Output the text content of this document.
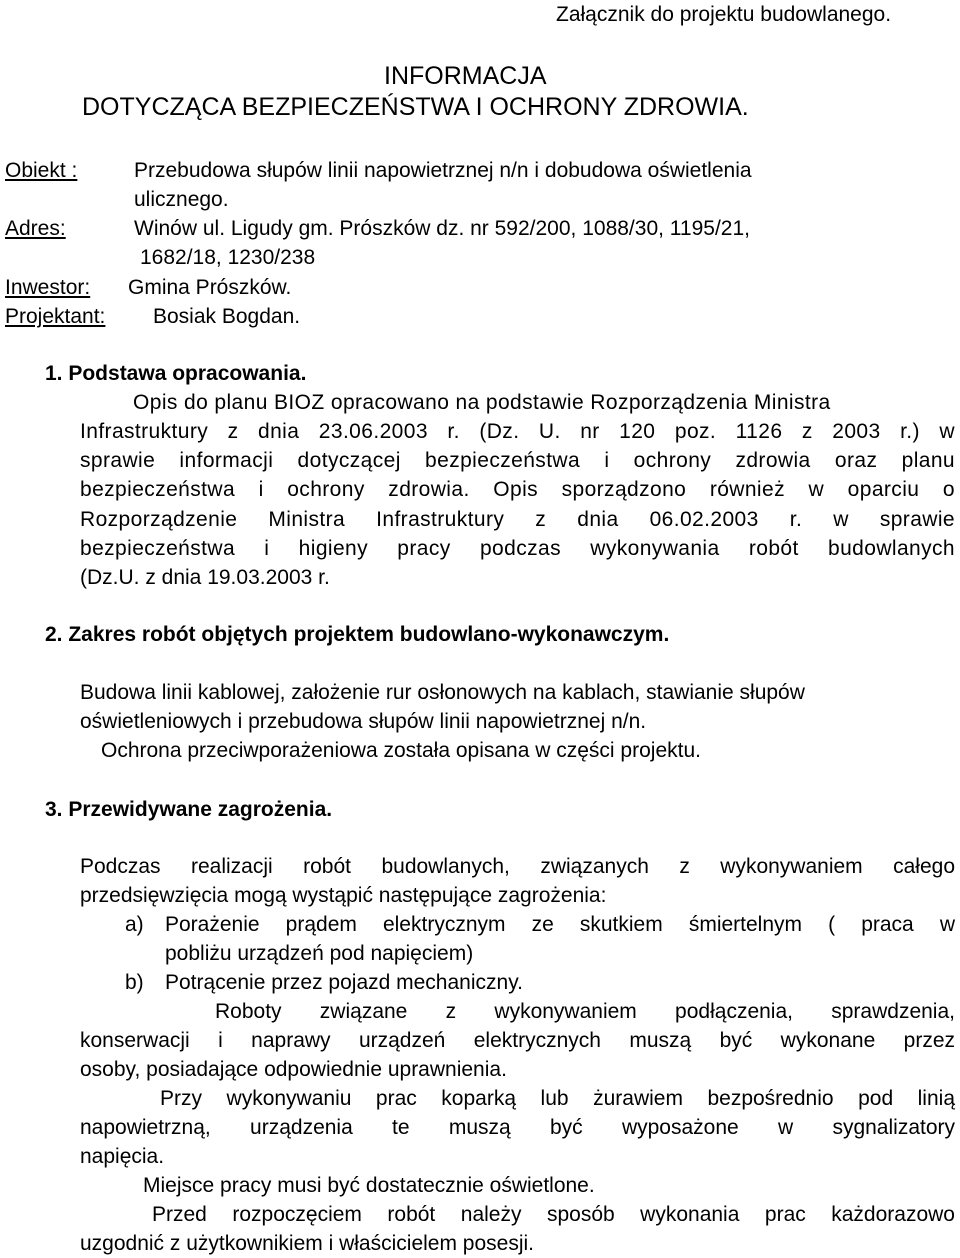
Załącznik do projektu budowlanego.
INFORMACJA
DOTYCZĄCA BEZPIECZEŃSTWA I OCHRONY ZDROWIA.
Obiekt :	Przebudowa słupów linii napowietrznej n/n i dobudowa oświetlenia
ulicznego.
Adres:	Winów ul. Ligudy gm. Prószków dz. nr 592/200, 1088/30, 1195/21,
1682/18, 1230/238
Inwestor: Gmina Prószków.
Projektant: Bosiak Bogdan.
1. Podstawa opracowania.
Opis do planu BIOZ opracowano na podstawie Rozporządzenia Ministra

Infrastruktury z dnia 23.06.2003 r. (Dz. U. nr 120 poz. 1126 z 2003 r.) w

sprawie informacji dotyczącej bezpieczeństwa i ochrony zdrowia oraz planu

bezpieczeństwa i ochrony zdrowia. Opis sporządzono również w oparciu o

Rozporządzenie Ministra Infrastruktury z dnia 06.02.2003 r. w sprawie

bezpieczeństwa i higieny pracy podczas wykonywania robót budowlanych

(Dz.U. z dnia 19.03.2003 r.

2. Zakres robót objętych projektem budowlano-wykonawczym.
Budowa linii kablowej, założenie rur osłonowych na kablach, stawianie słupów
oświetleniowych i przebudowa słupów linii napowietrznej n/n.
Ochrona przeciwporażeniowa została opisana w części projektu.
3. Przewidywane zagrożenia.

Podczas realizacji robót budowlanych, związanych z wykonywaniem całego

przedsięwzięcia mogą wystąpić następujące zagrożenia:

a) Porażenie prądem elektrycznym ze skutkiem śmiertelnym ( praca w

pobliżu urządzeń pod napięciem)

b) Potrącenie przez pojazd mechaniczny.

Roboty związane z wykonywaniem podłączenia, sprawdzenia,

konserwacji i naprawy urządzeń elektrycznych muszą być wykonane przez

osoby, posiadające odpowiednie uprawnienia.

Przy wykonywaniu prac koparką lub żurawiem bezpośrednio pod linią

napowietrzną, urządzenia te muszą być wyposażone w sygnalizatory

napięcia.

Miejsce pracy musi być dostatecznie oświetlone.

Przed rozpoczęciem robót należy sposób wykonania prac każdorazowo

uzgodnić z użytkownikiem i właścicielem posesji.
